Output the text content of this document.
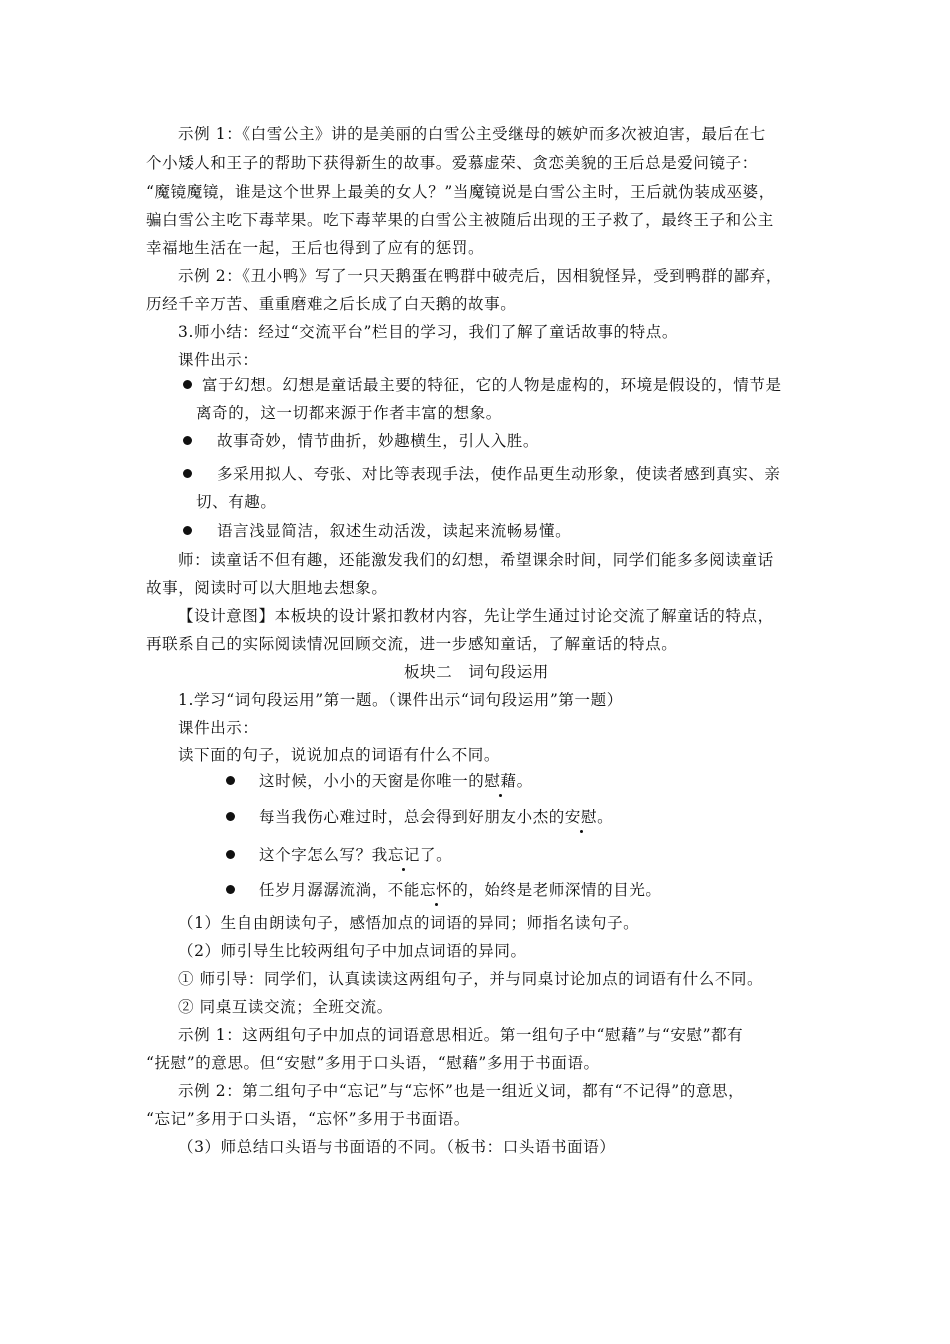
示例 1：《白雪公主》讲的是美丽的白雪公主受继母的嫉妒而多次被迫害，最后在七
个小矮人和王子的帮助下获得新生的故事。爱慕虚荣、贪恋美貌的王后总是爱问镜子：
“魔镜魔镜，谁是这个世界上最美的女人？”当魔镜说是白雪公主时，王后就伪装成巫婆，
骗白雪公主吃下毒苹果。吃下毒苹果的白雪公主被随后出现的王子救了，最终王子和公主
幸福地生活在一起，王后也得到了应有的惩罚。
示例 2：《丑小鸭》写了一只天鹅蛋在鸭群中破壳后，因相貌怪异，受到鸭群的鄙弃，
历经千辛万苦、重重磨难之后长成了白天鹅的故事。
3.师小结：经过“交流平台”栏目的学习，我们了解了童话故事的特点。
课件出示：
富于幻想。幻想是童话最主要的特征，它的人物是虚构的，环境是假设的，情节是
离奇的，这一切都来源于作者丰富的想象。
故事奇妙，情节曲折，妙趣横生，引人入胜。
多采用拟人、夸张、对比等表现手法，使作品更生动形象，使读者感到真实、亲
切、有趣。
语言浅显简洁，叙述生动活泼，读起来流畅易懂。
师：读童话不但有趣，还能激发我们的幻想，希望课余时间，同学们能多多阅读童话
故事，阅读时可以大胆地去想象。
【设计意图】本板块的设计紧扣教材内容，先让学生通过讨论交流了解童话的特点，
再联系自己的实际阅读情况回顾交流，进一步感知童话，了解童话的特点。
板块二　词句段运用
1.学习“词句段运用”第一题。（课件出示“词句段运用”第一题）
课件出示：
读下面的句子，说说加点的词语有什么不同。
这时候，小小的天窗是你唯一的慰藉。
每当我伤心难过时，总会得到好朋友小杰的安慰。
这个字怎么写？我忘记了。
任岁月潺潺流淌，不能忘怀的，始终是老师深情的目光。
（1）生自由朗读句子，感悟加点的词语的异同；师指名读句子。
（2）师引导生比较两组句子中加点词语的异同。
① 师引导：同学们，认真读读这两组句子，并与同桌讨论加点的词语有什么不同。
② 同桌互读交流；全班交流。
示例 1：这两组句子中加点的词语意思相近。第一组句子中“慰藉”与“安慰”都有
“抚慰”的意思。但“安慰”多用于口头语，“慰藉”多用于书面语。
示例 2：第二组句子中“忘记”与“忘怀”也是一组近义词，都有“不记得”的意思，
“忘记”多用于口头语，“忘怀”多用于书面语。
（3）师总结口头语与书面语的不同。（板书：口头语书面语）
